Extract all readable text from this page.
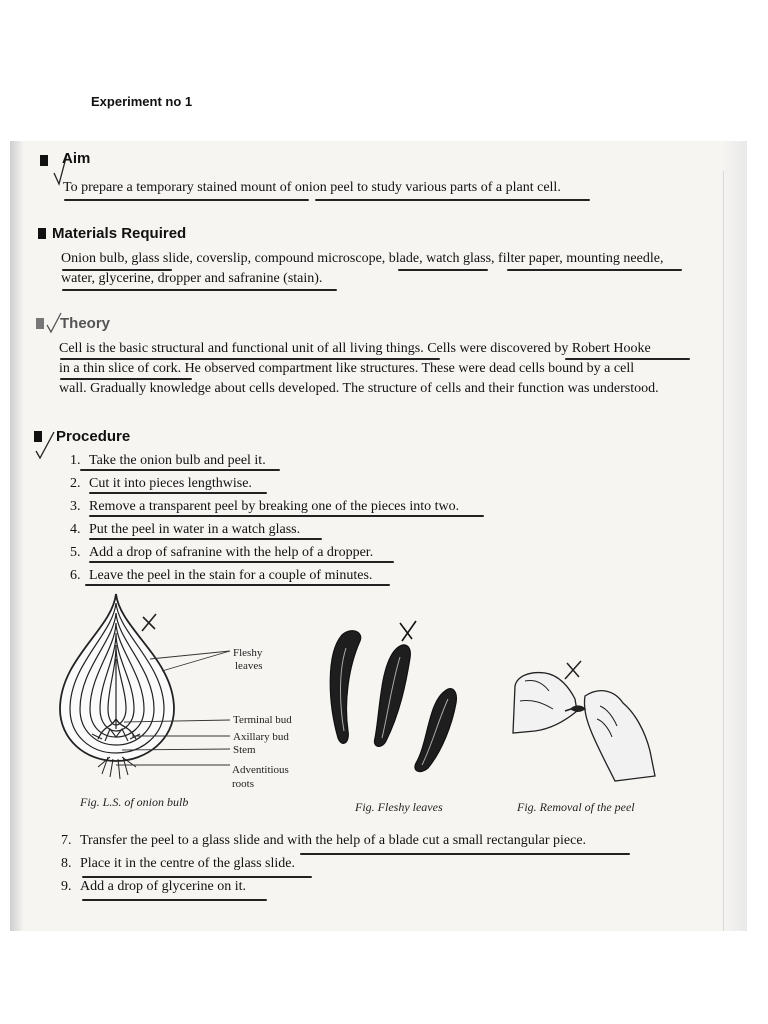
Experiment no 1
Aim
To prepare a temporary stained mount of onion peel to study various parts of a plant cell.
Materials Required
Onion bulb, glass slide, coverslip, compound microscope, blade, watch glass, filter paper, mounting needle,
water, glycerine, dropper and safranine (stain).
Theory
Cell is the basic structural and functional unit of all living things. Cells were discovered by Robert Hooke
in a thin slice of cork. He observed compartment like structures. These were dead cells bound by a cell
wall. Gradually knowledge about cells developed. The structure of cells and their function was understood.
Procedure
1. Take the onion bulb and peel it.
2. Cut it into pieces lengthwise.
3. Remove a transparent peel by breaking one of the pieces into two.
4. Put the peel in water in a watch glass.
5. Add a drop of safranine with the help of a dropper.
6. Leave the peel in the stain for a couple of minutes.
Fleshy
leaves
Terminal bud
Axillary bud
Stem
Adventitious
roots
Fig. L.S. of onion bulb	Fig. Fleshy leaves	Fig. Removal of the peel
7. Transfer the peel to a glass slide and with the help of a blade cut a small rectangular piece.
8. Place it in the centre of the glass slide.
9. Add a drop of glycerine on it.
